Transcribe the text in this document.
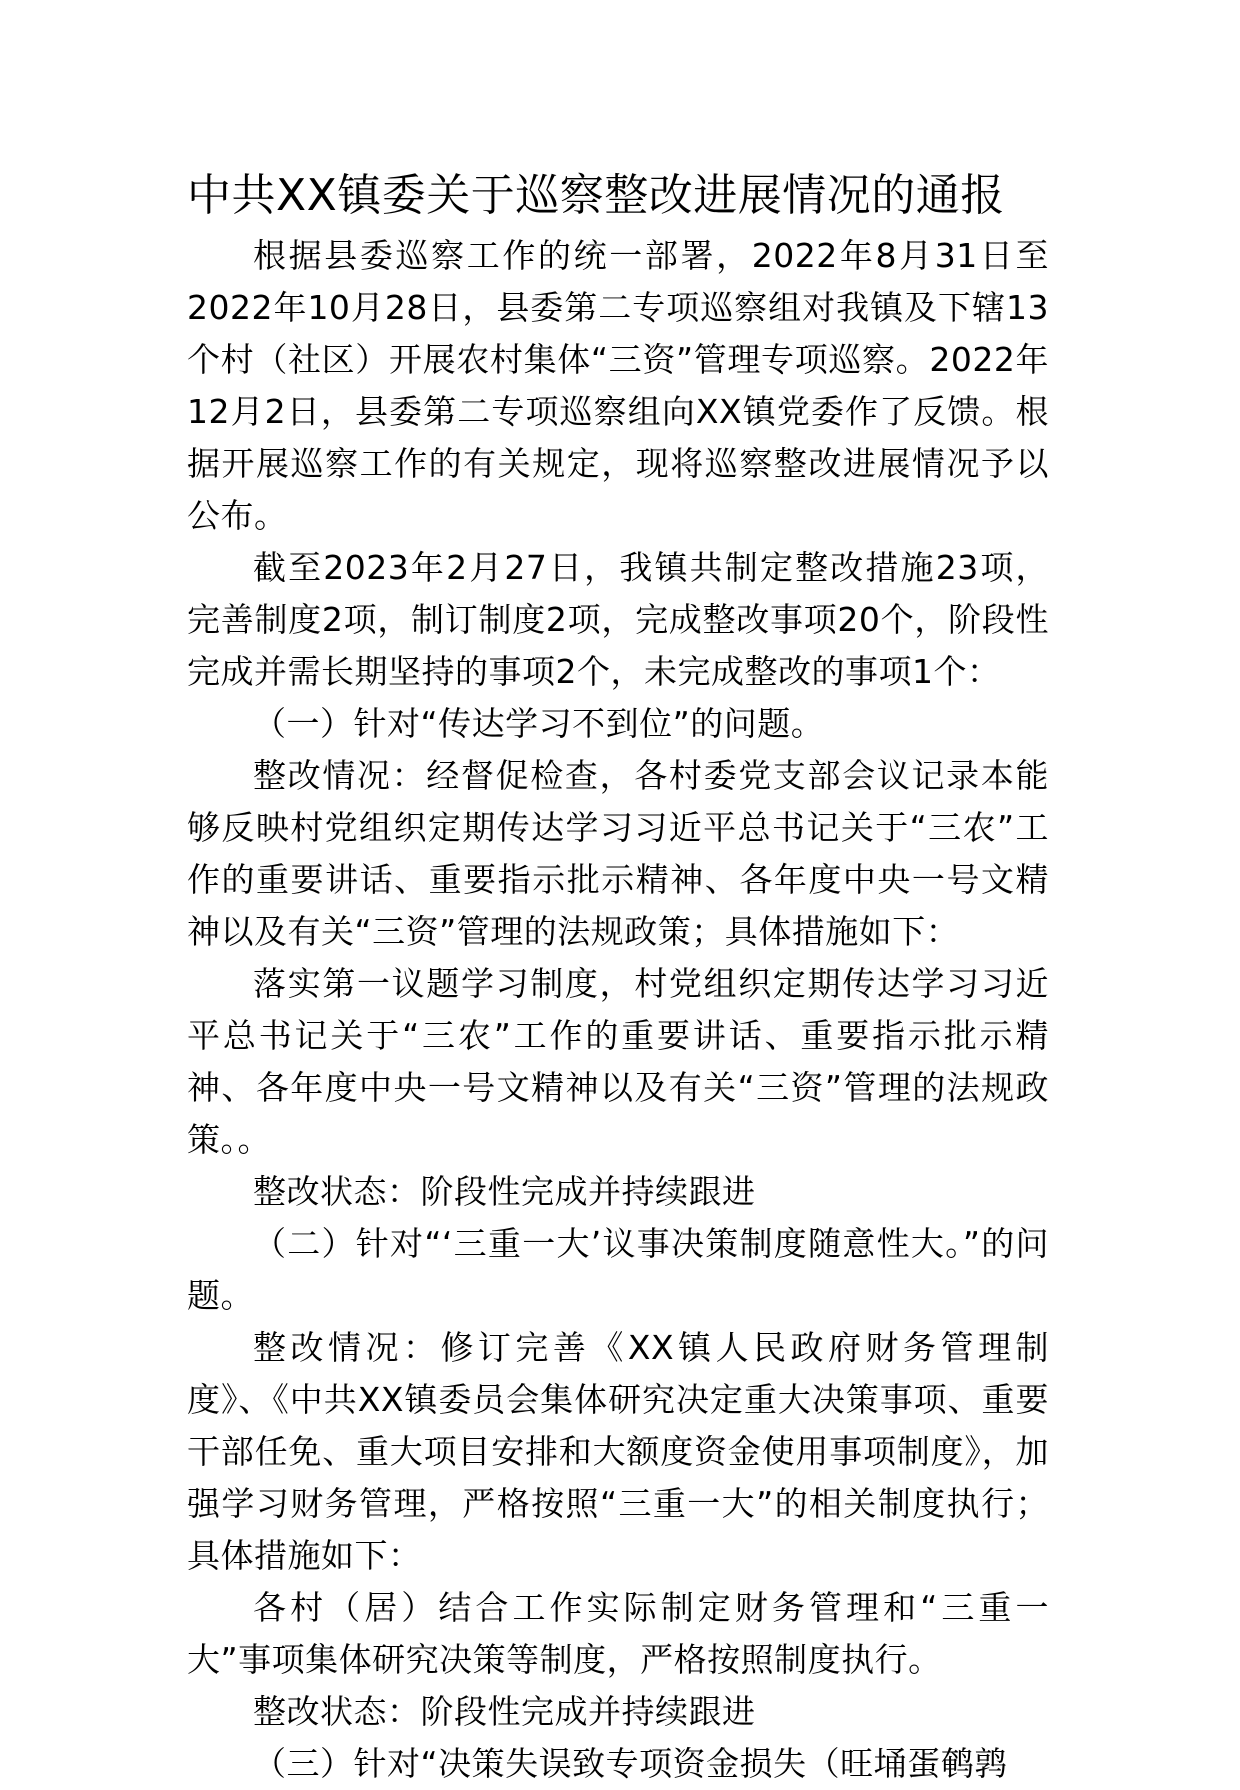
中共XX镇委关于巡察整改进展情况的通报

根据县委巡察工作的统一部署，2022年8月31日至2022年10月28日，县委第二专项巡察组对我镇及下辖13个村（社区）开展农村集体“三资”管理专项巡察。2022年12月2日，县委第二专项巡察组向XX镇党委作了反馈。根据开展巡察工作的有关规定，现将巡察整改进展情况予以公布。

截至2023年2月27日，我镇共制定整改措施23项，完善制度2项，制订制度2项，完成整改事项20个，阶段性完成并需长期坚持的事项2个，未完成整改的事项1个：

（一）针对“传达学习不到位”的问题。

整改情况：经督促检查，各村委党支部会议记录本能够反映村党组织定期传达学习习近平总书记关于“三农”工作的重要讲话、重要指示批示精神、各年度中央一号文精神以及有关“三资”管理的法规政策；具体措施如下：

落实第一议题学习制度，村党组织定期传达学习习近平总书记关于“三农”工作的重要讲话、重要指示批示精神、各年度中央一号文精神以及有关“三资”管理的法规政策。。

整改状态：阶段性完成并持续跟进

（二）针对“‘三重一大’议事决策制度随意性大。”的问题。

整改情况：修订完善《XX镇人民政府财务管理制度》、《中共XX镇委员会集体研究决定重大决策事项、重要干部任免、重大项目安排和大额度资金使用事项制度》，加强学习财务管理，严格按照“三重一大”的相关制度执行；具体措施如下：

各村（居）结合工作实际制定财务管理和“三重一大”事项集体研究决策等制度，严格按照制度执行。

整改状态：阶段性完成并持续跟进

（三）针对“决策失误致专项资金损失（旺埇蛋鹌鹑
